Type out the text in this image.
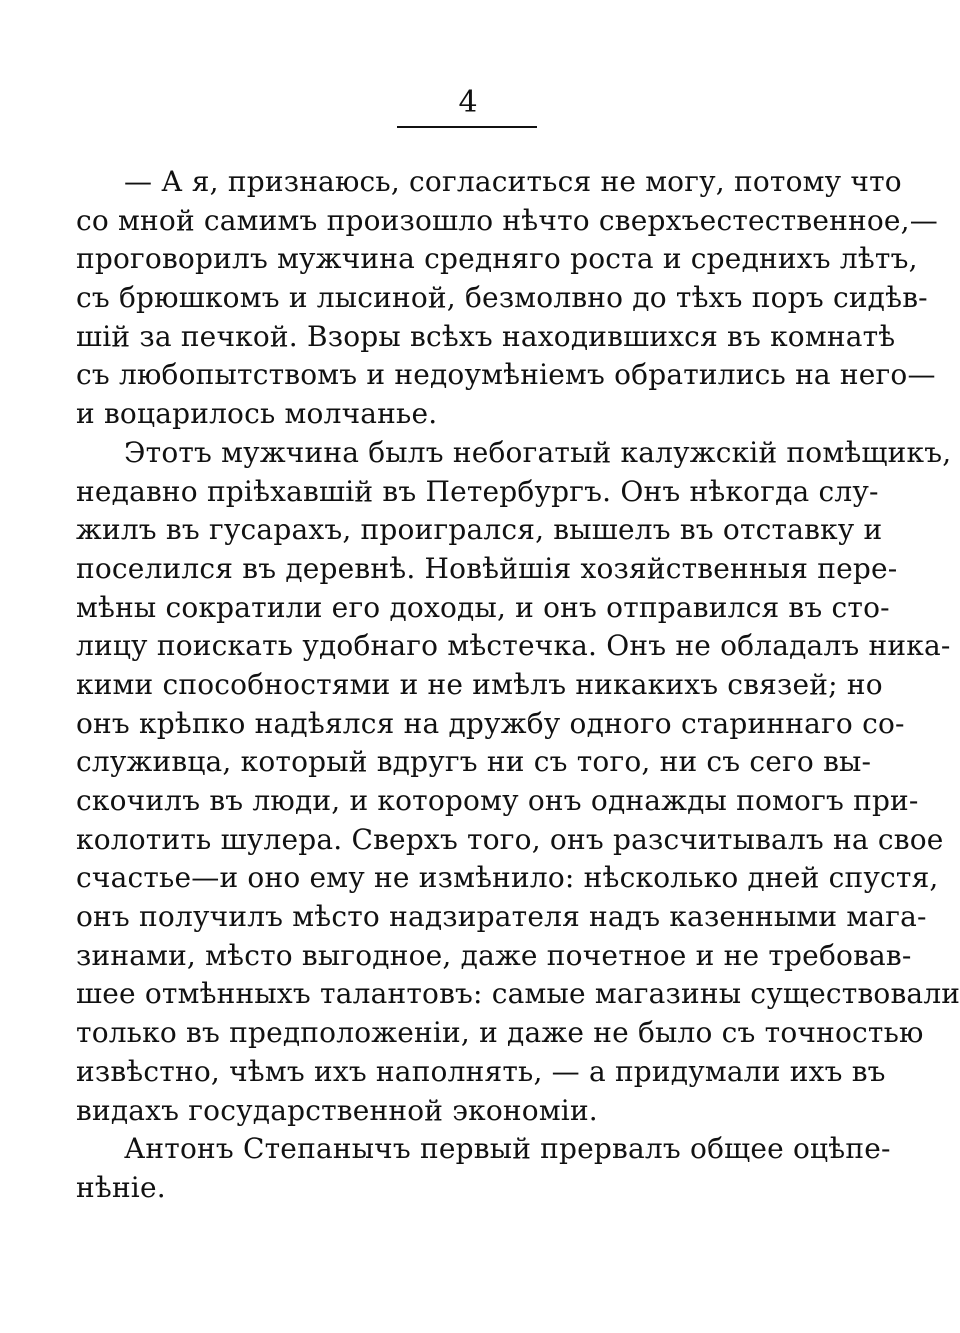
4
— А я, признаюсь, согласиться не могу, потому что
со мной самимъ произошло нѣчто сверхъестественное,—
проговорилъ мужчина средняго роста и среднихъ лѣтъ,
съ брюшкомъ и лысиной, безмолвно до тѣхъ поръ сидѣв-
шій за печкой. Взоры всѣхъ находившихся въ комнатѣ
съ любопытствомъ и недоумѣніемъ обратились на него—
и воцарилось молчанье.
Этотъ мужчина былъ небогатый калужскій помѣщикъ,
недавно пріѣхавшій въ Петербургъ. Онъ нѣкогда слу-
жилъ въ гусарахъ, проигрался, вышелъ въ отставку и
поселился въ деревнѣ. Новѣйшія хозяйственныя пере-
мѣны сократили его доходы, и онъ отправился въ сто-
лицу поискать удобнаго мѣстечка. Онъ не обладалъ ника-
кими способностями и не имѣлъ никакихъ связей; но
онъ крѣпко надѣялся на дружбу одного стариннаго со-
служивца, который вдругъ ни съ того, ни съ сего вы-
скочилъ въ люди, и которому онъ однажды помогъ при-
колотить шулера. Сверхъ того, онъ разсчитывалъ на свое
счастье—и оно ему не измѣнило: нѣсколько дней спустя,
онъ получилъ мѣсто надзирателя надъ казенными мага-
зинами, мѣсто выгодное, даже почетное и не требовав-
шее отмѣнныхъ талантовъ: самые магазины существовали
только въ предположеніи, и даже не было съ точностью
извѣстно, чѣмъ ихъ наполнять, — а придумали ихъ въ
видахъ государственной экономіи.
Антонъ Степанычъ первый прервалъ общее оцѣпе-
нѣніе.
